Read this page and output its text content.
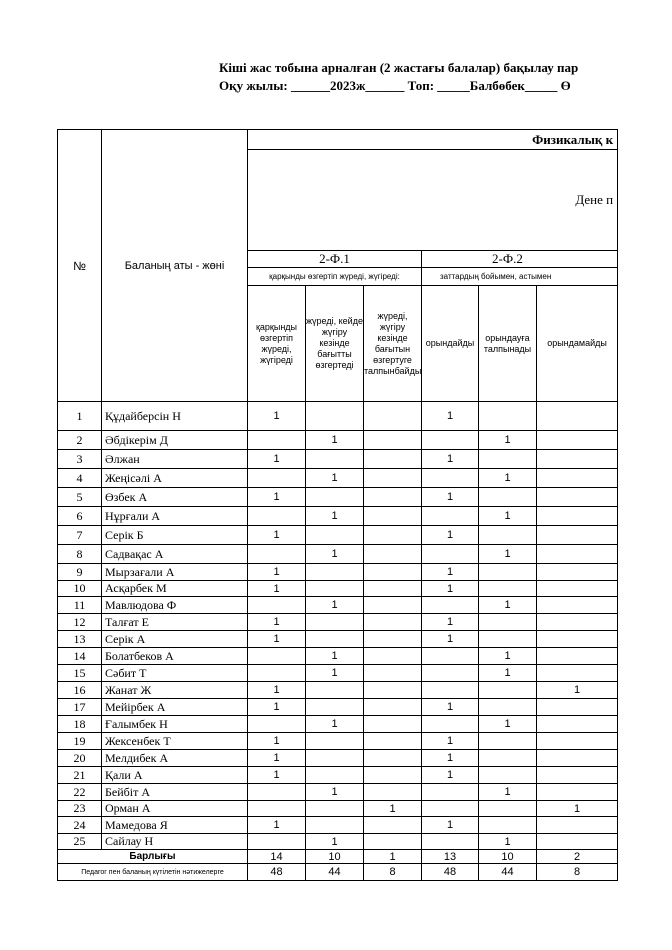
Кіші жас тобына арналған (2 жастағы балалар) бақылау пар
Оқу жылы: ______2023ж______ Топ: _____Балбөбек_____ Ө
№	Баланың аты - жөні	Физикалық к					
		Дене п					
		2-Ф.1			2-Ф.2		
		қарқынды өзгертіп жүреді, жүгіреді:			заттардың бойымен, астымен		
		қарқынды өзгертіп жүреді, жүгіреді	жүреді, кейде жүгіру кезінде бағытты өзгертеді	жүреді, жүгіру кезінде бағытын өзгертуге талпынбайды	орындайды	орындауға талпынады	орындамайды
1	Құдайберсін Н	1			1		
2	Әбдікерім Д		1			1	
3	Әлжан	1			1		
4	Жеңісәлі А		1			1	
5	Өзбек А	1			1		
6	Нұрғали А		1			1	
7	Серік Б	1			1		
8	Садвақас А		1			1	
9	Мырзағали А	1			1		
10	Асқарбек М	1			1		
11	Мавлюдова Ф		1			1	
12	Талғат Е	1			1		
13	Серік А	1			1		
14	Болатбеков А		1			1	
15	Сәбит Т		1			1	
16	Жанат Ж	1					1
17	Мейірбек А	1			1		
18	Ғалымбек Н		1			1	
19	Жексенбек Т	1			1		
20	Мелдибек А	1			1		
21	Қали А	1			1		
22	Бейбіт А		1			1	
23	Орман А			1			1
24	Мамедова Я	1			1		
25	Сайлау Н		1			1	
Барлығы		14	10	1	13	10	2
Педагог пен баланың күтілетін нәтижелерге		48	44	8	48	44	8
